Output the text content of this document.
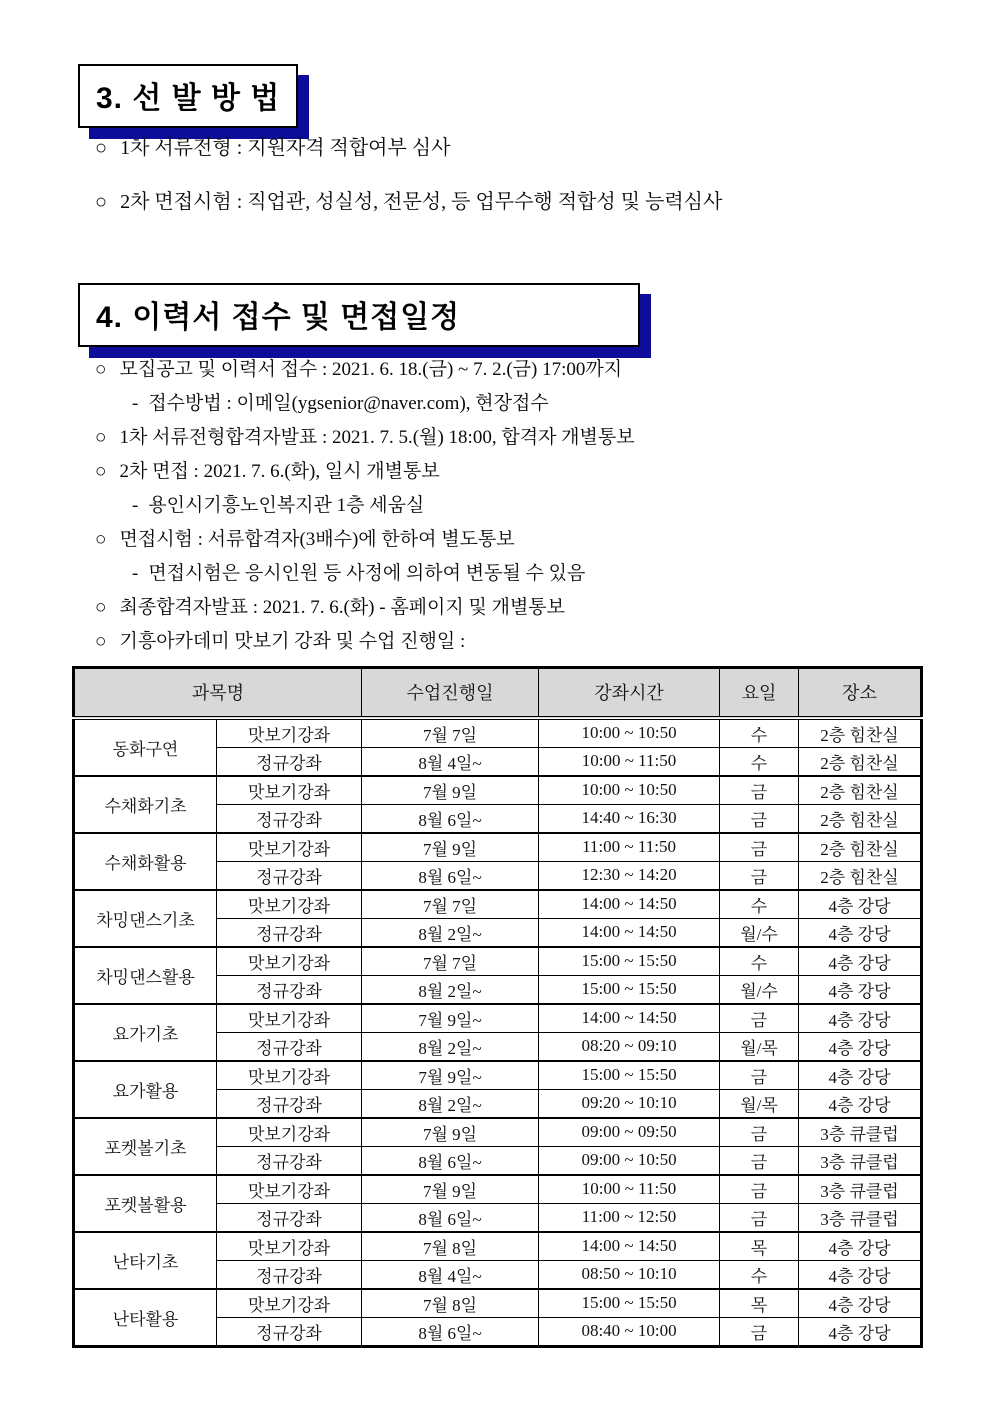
3. 선 발 방 법
○ 1차 서류전형 : 지원자격 적합여부 심사
○ 2차 면접시험 : 직업관, 성실성, 전문성, 등 업무수행 적합성 및 능력심사
4. 이력서 접수 및 면접일정
○ 모집공고 및 이력서 접수 : 2021. 6. 18.(금) ~ 7. 2.(금) 17:00까지
- 접수방법 : 이메일(ygsenior@naver.com), 현장접수
○ 1차 서류전형합격자발표 : 2021. 7. 5.(월) 18:00, 합격자 개별통보
○ 2차 면접 : 2021. 7. 6.(화), 일시 개별통보
- 용인시기흥노인복지관 1층 세움실
○ 면접시험 : 서류합격자(3배수)에 한하여 별도통보
- 면접시험은 응시인원 등 사정에 의하여 변동될 수 있음
○ 최종합격자발표 : 2021. 7. 6.(화) - 홈페이지 및 개별통보
○ 기흥아카데미 맛보기 강좌 및 수업 진행일 :
과목명		수업진행일	강좌시간	요일	장소
동화구연	맛보기강좌	7월 7일	10:00 ~ 10:50	수	2층 힘찬실
	정규강좌	8월 4일~	10:00 ~ 11:50	수	2층 힘찬실
수채화기초	맛보기강좌	7월 9일	10:00 ~ 10:50	금	2층 힘찬실
	정규강좌	8월 6일~	14:40 ~ 16:30	금	2층 힘찬실
수채화활용	맛보기강좌	7월 9일	11:00 ~ 11:50	금	2층 힘찬실
	정규강좌	8월 6일~	12:30 ~ 14:20	금	2층 힘찬실
차밍댄스기초	맛보기강좌	7월 7일	14:00 ~ 14:50	수	4층 강당
	정규강좌	8월 2일~	14:00 ~ 14:50	월/수	4층 강당
차밍댄스활용	맛보기강좌	7월 7일	15:00 ~ 15:50	수	4층 강당
	정규강좌	8월 2일~	15:00 ~ 15:50	월/수	4층 강당
요가기초	맛보기강좌	7월 9일~	14:00 ~ 14:50	금	4층 강당
	정규강좌	8월 2일~	08:20 ~ 09:10	월/목	4층 강당
요가활용	맛보기강좌	7월 9일~	15:00 ~ 15:50	금	4층 강당
	정규강좌	8월 2일~	09:20 ~ 10:10	월/목	4층 강당
포켓볼기초	맛보기강좌	7월 9일	09:00 ~ 09:50	금	3층 큐클럽
	정규강좌	8월 6일~	09:00 ~ 10:50	금	3층 큐클럽
포켓볼활용	맛보기강좌	7월 9일	10:00 ~ 11:50	금	3층 큐클럽
	정규강좌	8월 6일~	11:00 ~ 12:50	금	3층 큐클럽
난타기초	맛보기강좌	7월 8일	14:00 ~ 14:50	목	4층 강당
	정규강좌	8월 4일~	08:50 ~ 10:10	수	4층 강당
난타활용	맛보기강좌	7월 8일	15:00 ~ 15:50	목	4층 강당
	정규강좌	8월 6일~	08:40 ~ 10:00	금	4층 강당
